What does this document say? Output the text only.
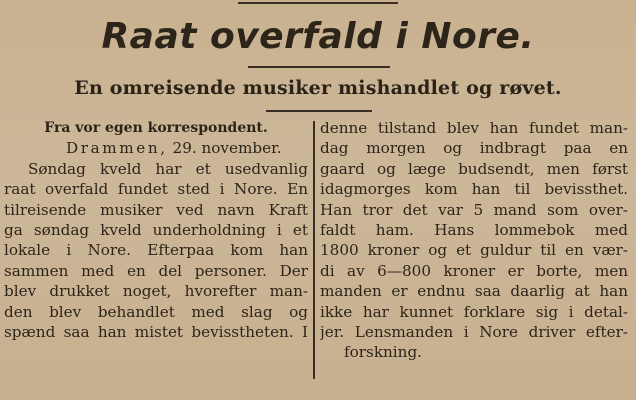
Raat overfald i Nore.
En omreisende musiker mishandlet og røvet.
Fra vor egen korrespondent.
Drammen, 29. november.
Søndag kveld har et usedvanlig
raat overfald fundet sted i Nore. En
tilreisende musiker ved navn Kraft
ga søndag kveld underholdning i et
lokale i Nore. Efterpaa kom han
sammen med en del personer. Der
blev drukket noget, hvorefter man-
den blev behandlet med slag og
spænd saa han mistet bevisstheten. I
denne tilstand blev han fundet man-
dag morgen og indbragt paa en
gaard og læge budsendt, men først
idagmorges kom han til bevissthet.
Han tror det var 5 mand som over-
faldt ham. Hans lommebok med
1800 kroner og et guldur til en vær-
di av 6—800 kroner er borte, men
manden er endnu saa daarlig at han
ikke har kunnet forklare sig i detal-
jer. Lensmanden i Nore driver efter-
forskning.
